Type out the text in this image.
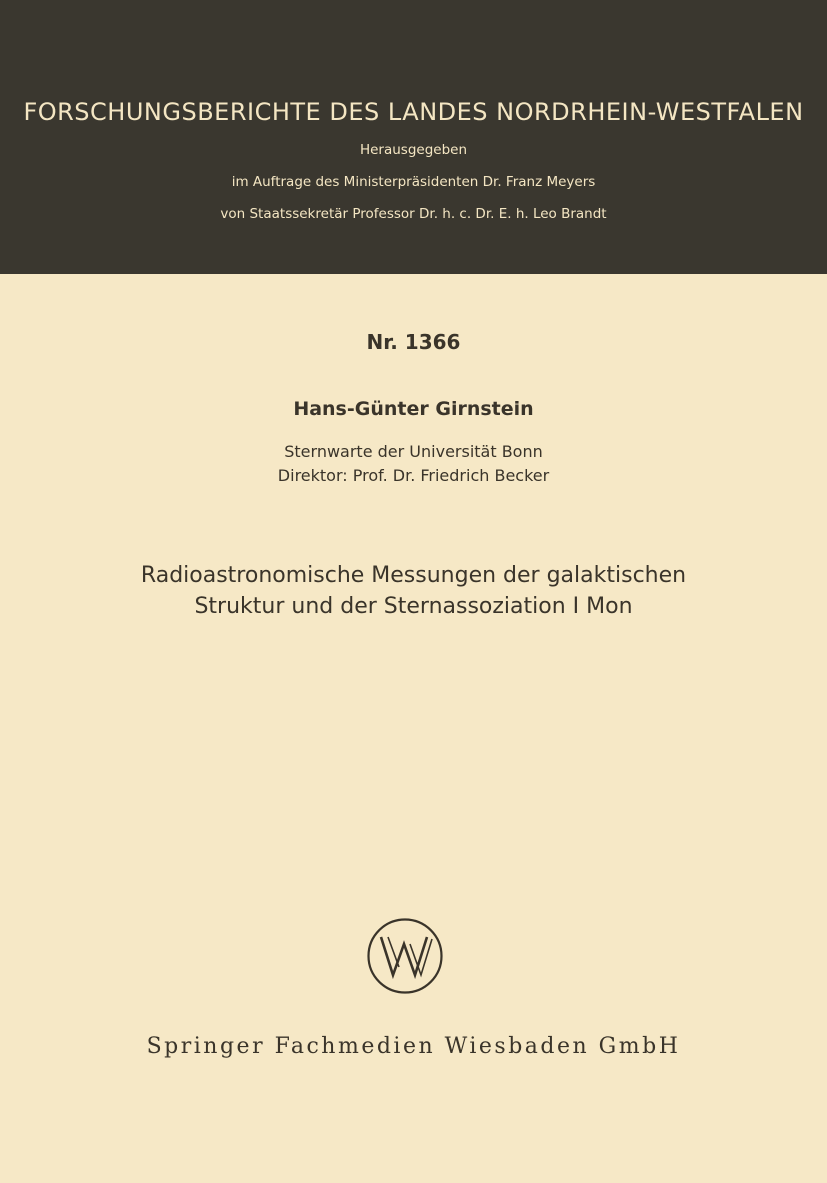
FORSCHUNGSBERICHTE DES LANDES NORDRHEIN-WESTFALEN
Herausgegeben
im Auftrage des Ministerpräsidenten Dr. Franz Meyers
von Staatssekretär Professor Dr. h. c. Dr. E. h. Leo Brandt
Nr. 1366
Hans-Günter Girnstein
Sternwarte der Universität Bonn
Direktor: Prof. Dr. Friedrich Becker
Radioastronomische Messungen der galaktischen
Struktur und der Sternassoziation I Mon
Springer Fachmedien Wiesbaden GmbH
